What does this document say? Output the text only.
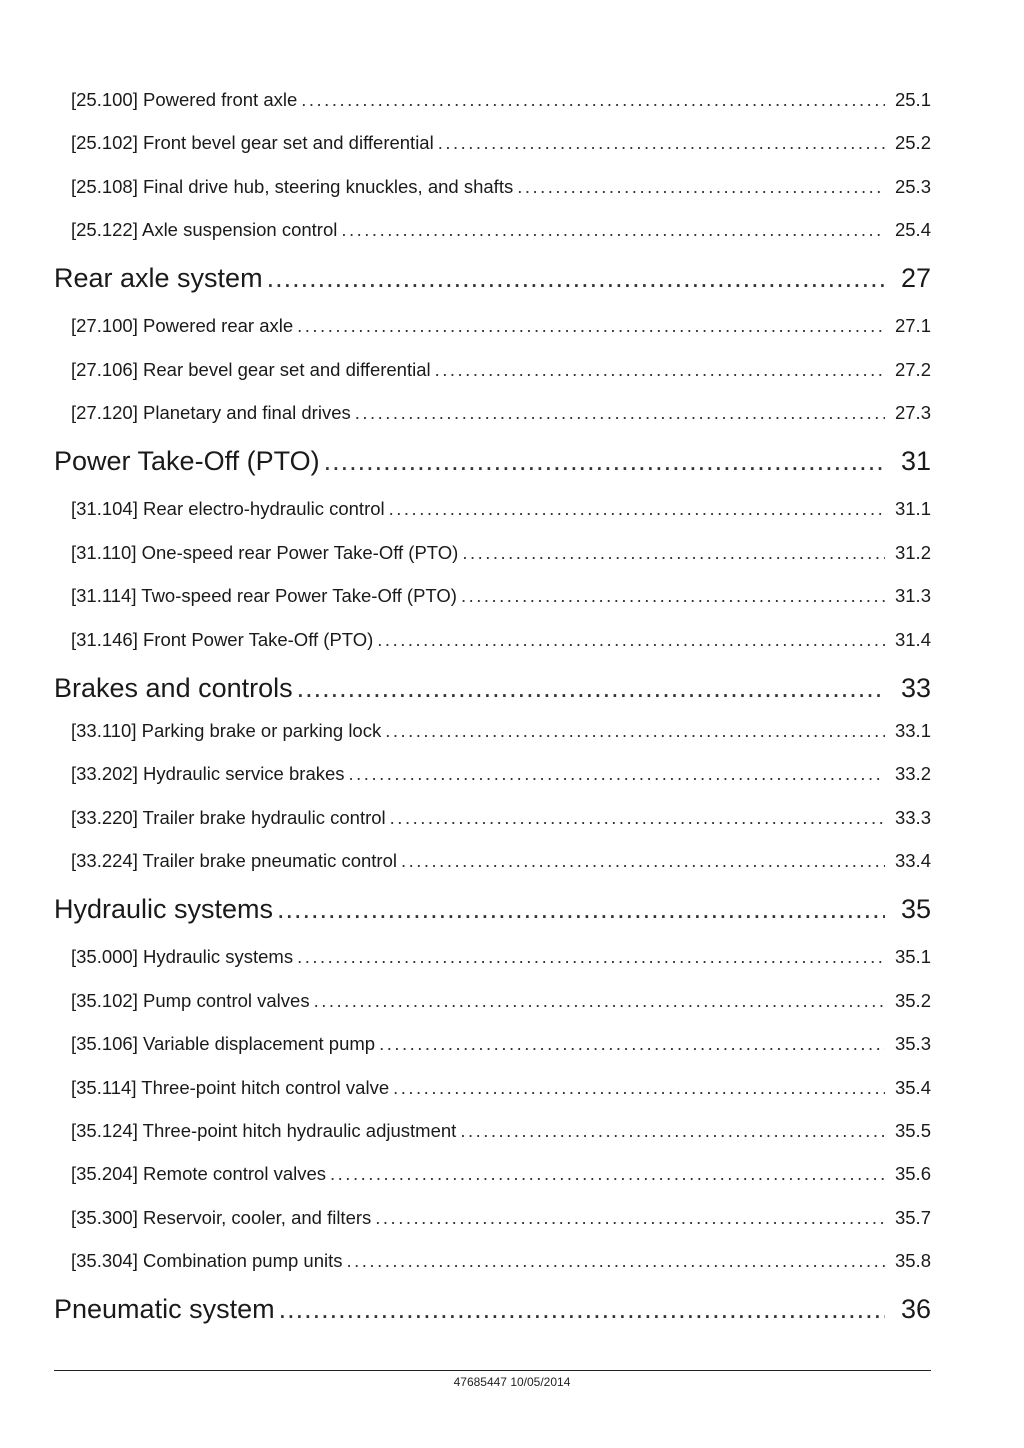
[25.100] Powered front axle .....	25.1
[25.102] Front bevel gear set and differential .....	25.2
[25.108] Final drive hub, steering knuckles, and shafts .....	25.3
[25.122] Axle suspension control .....	25.4
Rear axle system .....	27
[27.100] Powered rear axle .....	27.1
[27.106] Rear bevel gear set and differential .....	27.2
[27.120] Planetary and final drives .....	27.3
Power Take-Off (PTO) .....	31
[31.104] Rear electro-hydraulic control .....	31.1
[31.110] One-speed rear Power Take-Off (PTO) .....	31.2
[31.114] Two-speed rear Power Take-Off (PTO) .....	31.3
[31.146] Front Power Take-Off (PTO) .....	31.4
Brakes and controls .....	33
[33.110] Parking brake or parking lock .....	33.1
[33.202] Hydraulic service brakes .....	33.2
[33.220] Trailer brake hydraulic control .....	33.3
[33.224] Trailer brake pneumatic control .....	33.4
Hydraulic systems .....	35
[35.000] Hydraulic systems .....	35.1
[35.102] Pump control valves .....	35.2
[35.106] Variable displacement pump .....	35.3
[35.114] Three-point hitch control valve .....	35.4
[35.124] Three-point hitch hydraulic adjustment .....	35.5
[35.204] Remote control valves .....	35.6
[35.300] Reservoir, cooler, and filters .....	35.7
[35.304] Combination pump units .....	35.8
Pneumatic system .....	36
47685447 10/05/2014
